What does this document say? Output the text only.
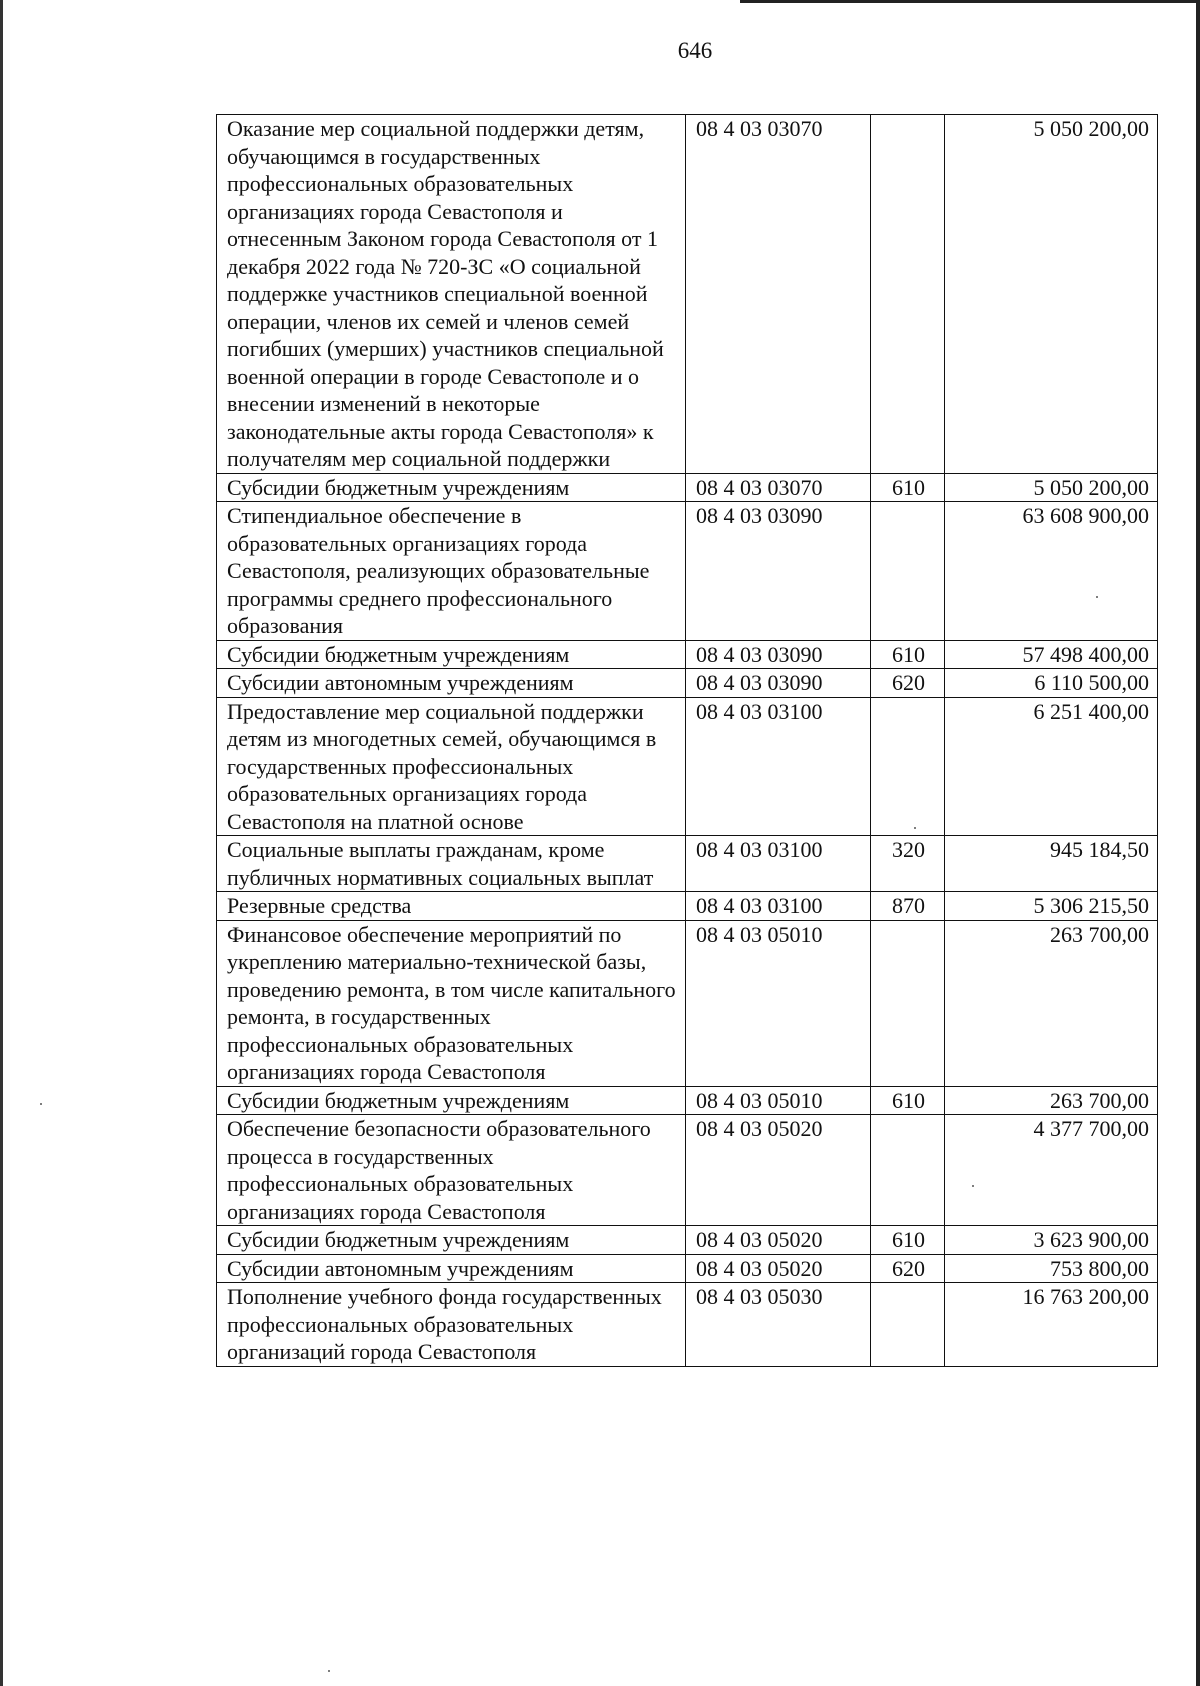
646
Оказание мер социальной поддержки детям, обучающимся в государственных профессиональных образовательных организациях города Севастополя и отнесенным Законом города Севастополя от 1 декабря 2022 года № 720-ЗС «О социальной поддержке участников специальной военной операции, членов их семей и членов семей погибших (умерших) участников специальной военной операции в городе Севастополе и о внесении изменений в некоторые законодательные акты города Севастополя» к получателям мер социальной поддержки	08 4 03 03070		5 050 200,00
Субсидии бюджетным учреждениям	08 4 03 03070	610	5 050 200,00
Стипендиальное обеспечение в образовательных организациях города Севастополя, реализующих образовательные программы среднего профессионального образования	08 4 03 03090		63 608 900,00
Субсидии бюджетным учреждениям	08 4 03 03090	610	57 498 400,00
Субсидии автономным учреждениям	08 4 03 03090	620	6 110 500,00
Предоставление мер социальной поддержки детям из многодетных семей, обучающимся в государственных профессиональных образовательных организациях города Севастополя на платной основе	08 4 03 03100		6 251 400,00
Социальные выплаты гражданам, кроме публичных нормативных социальных выплат	08 4 03 03100	320	945 184,50
Резервные средства	08 4 03 03100	870	5 306 215,50
Финансовое обеспечение мероприятий по укреплению материально-технической базы, проведению ремонта, в том числе капитального ремонта, в государственных профессиональных образовательных организациях города Севастополя	08 4 03 05010		263 700,00
Субсидии бюджетным учреждениям	08 4 03 05010	610	263 700,00
Обеспечение безопасности образовательного процесса в государственных профессиональных образовательных организациях города Севастополя	08 4 03 05020		4 377 700,00
Субсидии бюджетным учреждениям	08 4 03 05020	610	3 623 900,00
Субсидии автономным учреждениям	08 4 03 05020	620	753 800,00
Пополнение учебного фонда государственных профессиональных образовательных организаций города Севастополя	08 4 03 05030		16 763 200,00
